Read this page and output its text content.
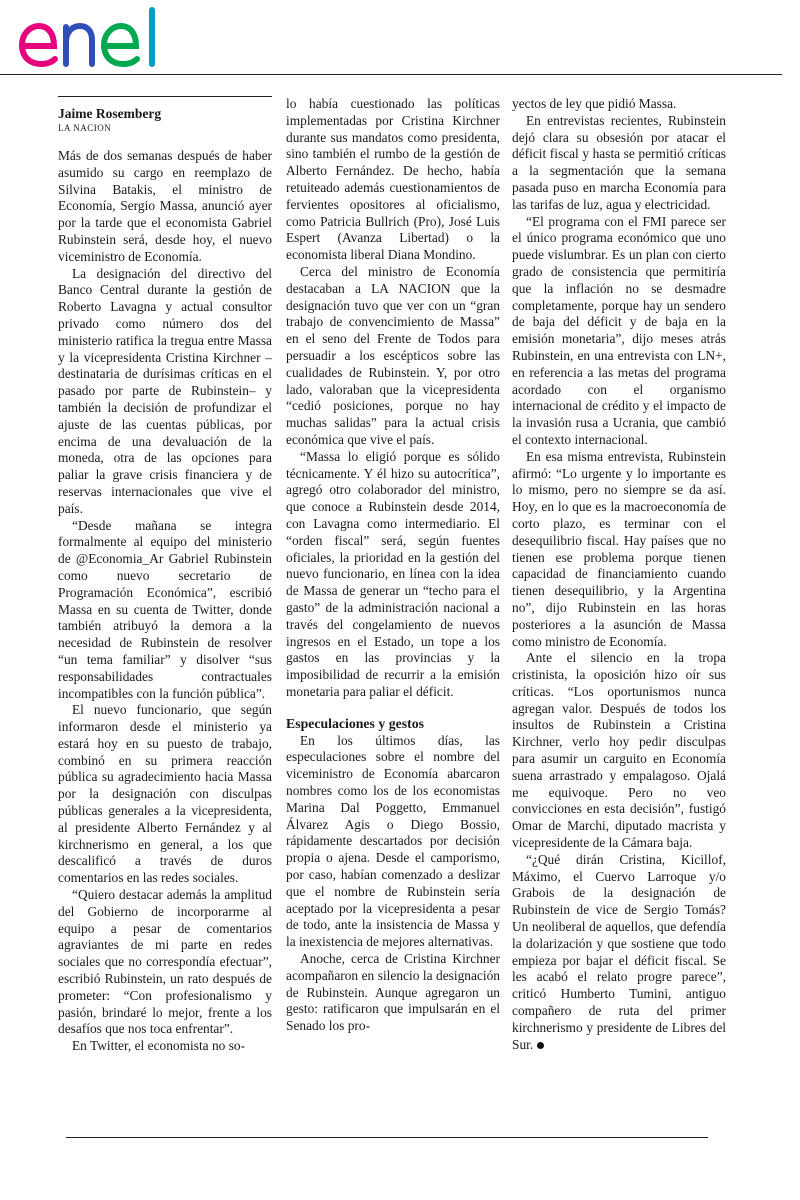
Jaime Rosemberg
LA NACION

Más de dos semanas después de haber asumido su cargo en reemplazo de Silvina Batakis, el ministro de Economía, Sergio Massa, anunció ayer por la tarde que el economista Gabriel Rubinstein será, desde hoy, el nuevo viceministro de Economía.

La designación del directivo del Banco Central durante la gestión de Roberto Lavagna y actual consultor privado como número dos del ministerio ratifica la tregua entre Massa y la vicepresidenta Cristina Kirchner –destinataria de durísimas críticas en el pasado por parte de Rubinstein– y también la decisión de profundizar el ajuste de las cuentas públicas, por encima de una devaluación de la moneda, otra de las opciones para paliar la grave crisis financiera y de reservas internacionales que vive el país.

“Desde mañana se integra formalmente al equipo del ministerio de @Economia_Ar Gabriel Rubinstein como nuevo secretario de Programación Económica”, escribió Massa en su cuenta de Twitter, donde también atribuyó la demora a la necesidad de Rubinstein de resolver “un tema familiar” y disolver “sus responsabilidades contractuales incompatibles con la función pública”.

El nuevo funcionario, que según informaron desde el ministerio ya estará hoy en su puesto de trabajo, combinó en su primera reacción pública su agradecimiento hacia Massa por la designación con disculpas públicas generales a la vicepresidenta, al presidente Alberto Fernández y al kirchnerismo en general, a los que descalificó a través de duros comentarios en las redes sociales.

“Quiero destacar además la amplitud del Gobierno de incorporarme al equipo a pesar de comentarios agraviantes de mi parte en redes sociales que no correspondía efectuar”, escribió Rubinstein, un rato después de prometer: “Con profesionalismo y pasión, brindaré lo mejor, frente a los desafíos que nos toca enfrentar”.

En Twitter, el economista no so-

lo había cuestionado las políticas implementadas por Cristina Kirchner durante sus mandatos como presidenta, sino también el rumbo de la gestión de Alberto Fernández. De hecho, había retuiteado además cuestionamientos de fervientes opositores al oficialismo, como Patricia Bullrich (Pro), José Luis Espert (Avanza Libertad) o la economista liberal Diana Mondino.

Cerca del ministro de Economía destacaban a LA NACION que la designación tuvo que ver con un “gran trabajo de convencimiento de Massa” en el seno del Frente de Todos para persuadir a los escépticos sobre las cualidades de Rubinstein. Y, por otro lado, valoraban que la vicepresidenta “cedió posiciones, porque no hay muchas salidas” para la actual crisis económica que vive el país.

“Massa lo eligió porque es sólido técnicamente. Y él hizo su autocrítica”, agregó otro colaborador del ministro, que conoce a Rubinstein desde 2014, con Lavagna como intermediario. El “orden fiscal” será, según fuentes oficiales, la prioridad en la gestión del nuevo funcionario, en línea con la idea de Massa de generar un “techo para el gasto” de la administración nacional a través del congelamiento de nuevos ingresos en el Estado, un tope a los gastos en las provincias y la imposibilidad de recurrir a la emisión monetaria para paliar el déficit.

Especulaciones y gestos

En los últimos días, las especulaciones sobre el nombre del viceministro de Economía abarcaron nombres como los de los economistas Marina Dal Poggetto, Emmanuel Álvarez Agis o Diego Bossio, rápidamente descartados por decisión propia o ajena. Desde el camporismo, por caso, habían comenzado a deslizar que el nombre de Rubinstein sería aceptado por la vicepresidenta a pesar de todo, ante la insistencia de Massa y la inexistencia de mejores alternativas.

Anoche, cerca de Cristina Kirchner acompañaron en silencio la designación de Rubinstein. Aunque agregaron un gesto: ratificaron que impulsarán en el Senado los pro-

yectos de ley que pidió Massa.

En entrevistas recientes, Rubinstein dejó clara su obsesión por atacar el déficit fiscal y hasta se permitió críticas a la segmentación que la semana pasada puso en marcha Economía para las tarifas de luz, agua y electricidad.

“El programa con el FMI parece ser el único programa económico que uno puede vislumbrar. Es un plan con cierto grado de consistencia que permitiría que la inflación no se desmadre completamente, porque hay un sendero de baja del déficit y de baja en la emisión monetaria”, dijo meses atrás Rubinstein, en una entrevista con LN+, en referencia a las metas del programa acordado con el organismo internacional de crédito y el impacto de la invasión rusa a Ucrania, que cambió el contexto internacional.

En esa misma entrevista, Rubinstein afirmó: “Lo urgente y lo importante es lo mismo, pero no siempre se da así. Hoy, en lo que es la macroeconomía de corto plazo, es terminar con el desequilibrio fiscal. Hay países que no tienen ese problema porque tienen capacidad de financiamiento cuando tienen desequilibrio, y la Argentina no”, dijo Rubinstein en las horas posteriores a la asunción de Massa como ministro de Economía.

Ante el silencio en la tropa cristinista, la oposición hizo oír sus críticas. “Los oportunismos nunca agregan valor. Después de todos los insultos de Rubinstein a Cristina Kirchner, verlo hoy pedir disculpas para asumir un carguito en Economía suena arrastrado y empalagoso. Ojalá me equivoque. Pero no veo convicciones en esta decisión”, fustigó Omar de Marchi, diputado macrista y vicepresidente de la Cámara baja.

“¿Qué dirán Cristina, Kicillof, Máximo, el Cuervo Larroque y/o Grabois de la designación de Rubinstein de vice de Sergio Tomás? Un neoliberal de aquellos, que defendía la dolarización y que sostiene que todo empieza por bajar el déficit fiscal. Se les acabó el relato progre parece”, criticó Humberto Tumini, antiguo compañero de ruta del primer kirchnerismo y presidente de Libres del Sur.
